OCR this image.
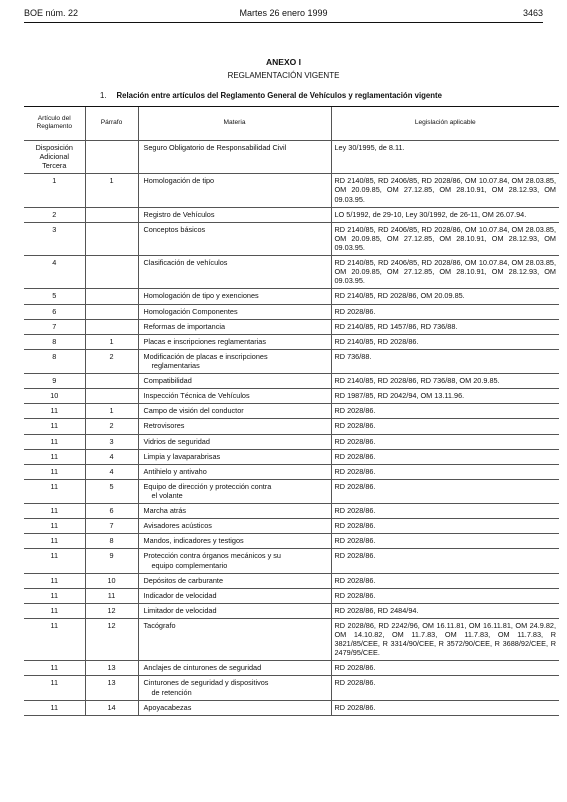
BOE núm. 22	Martes 26 enero 1999	3463
ANEXO I
REGLAMENTACIÓN VIGENTE
1. Relación entre artículos del Reglamento General de Vehículos y reglamentación vigente
Artículo del Reglamento	Párrafo	Materia	Legislación aplicable
Disposición Adicional Tercera		Seguro Obligatorio de Responsabilidad Civil	Ley 30/1995, de 8.11.
1	1	Homologación de tipo	RD 2140/85, RD 2406/85, RD 2028/86, OM 10.07.84, OM 28.03.85, OM 20.09.85, OM 27.12.85, OM 28.10.91, OM 28.12.93, OM 09.03.95.
2		Registro de Vehículos	LO 5/1992, de 29-10, Ley 30/1992, de 26-11, OM 26.07.94.
3		Conceptos básicos	RD 2140/85, RD 2406/85, RD 2028/86, OM 10.07.84, OM 28.03.85, OM 20.09.85, OM 27.12.85, OM 28.10.91, OM 28.12.93, OM 09.03.95.
4		Clasificación de vehículos	RD 2140/85, RD 2406/85, RD 2028/86, OM 10.07.84, OM 28.03.85, OM 20.09.85, OM 27.12.85, OM 28.10.91, OM 28.12.93, OM 09.03.95.
5		Homologación de tipo y exenciones	RD 2140/85, RD 2028/86, OM 20.09.85.
6		Homologación Componentes	RD 2028/86.
7		Reformas de importancia	RD 2140/85, RD 1457/86, RD 736/88.
8	1	Placas e inscripciones reglamentarias	RD 2140/85, RD 2028/86.
8	2	Modificación de placas e inscripciones
reglamentarias	RD 736/88.
9		Compatibilidad	RD 2140/85, RD 2028/86, RD 736/88, OM 20.9.85.
10		Inspección Técnica de Vehículos	RD 1987/85, RD 2042/94, OM 13.11.96.
11	1	Campo de visión del conductor	RD 2028/86.
11	2	Retrovisores	RD 2028/86.
11	3	Vidrios de seguridad	RD 2028/86.
11	4	Limpia y lavaparabrisas	RD 2028/86.
11	4	Antihielo y antivaho	RD 2028/86.
11	5	Equipo de dirección y protección contra
el volante	RD 2028/86.
11	6	Marcha atrás	RD 2028/86.
11	7	Avisadores acústicos	RD 2028/86.
11	8	Mandos, indicadores y testigos	RD 2028/86.
11	9	Protección contra órganos mecánicos y su
equipo complementario	RD 2028/86.
11	10	Depósitos de carburante	RD 2028/86.
11	11	Indicador de velocidad	RD 2028/86.
11	12	Limitador de velocidad	RD 2028/86, RD 2484/94.
11	12	Tacógrafo	RD 2028/86, RD 2242/96, OM 16.11.81, OM 16.11.81, OM 24.9.82, OM 14.10.82, OM 11.7.83, OM 11.7.83, OM 11.7.83, R 3821/85/CEE, R 3314/90/CEE, R 3572/90/CEE, R 3688/92/CEE, R 2479/95/CEE.
11	13	Anclajes de cinturones de seguridad	RD 2028/86.
11	13	Cinturones de seguridad y dispositivos
de retención	RD 2028/86.
11	14	Apoyacabezas	RD 2028/86.
